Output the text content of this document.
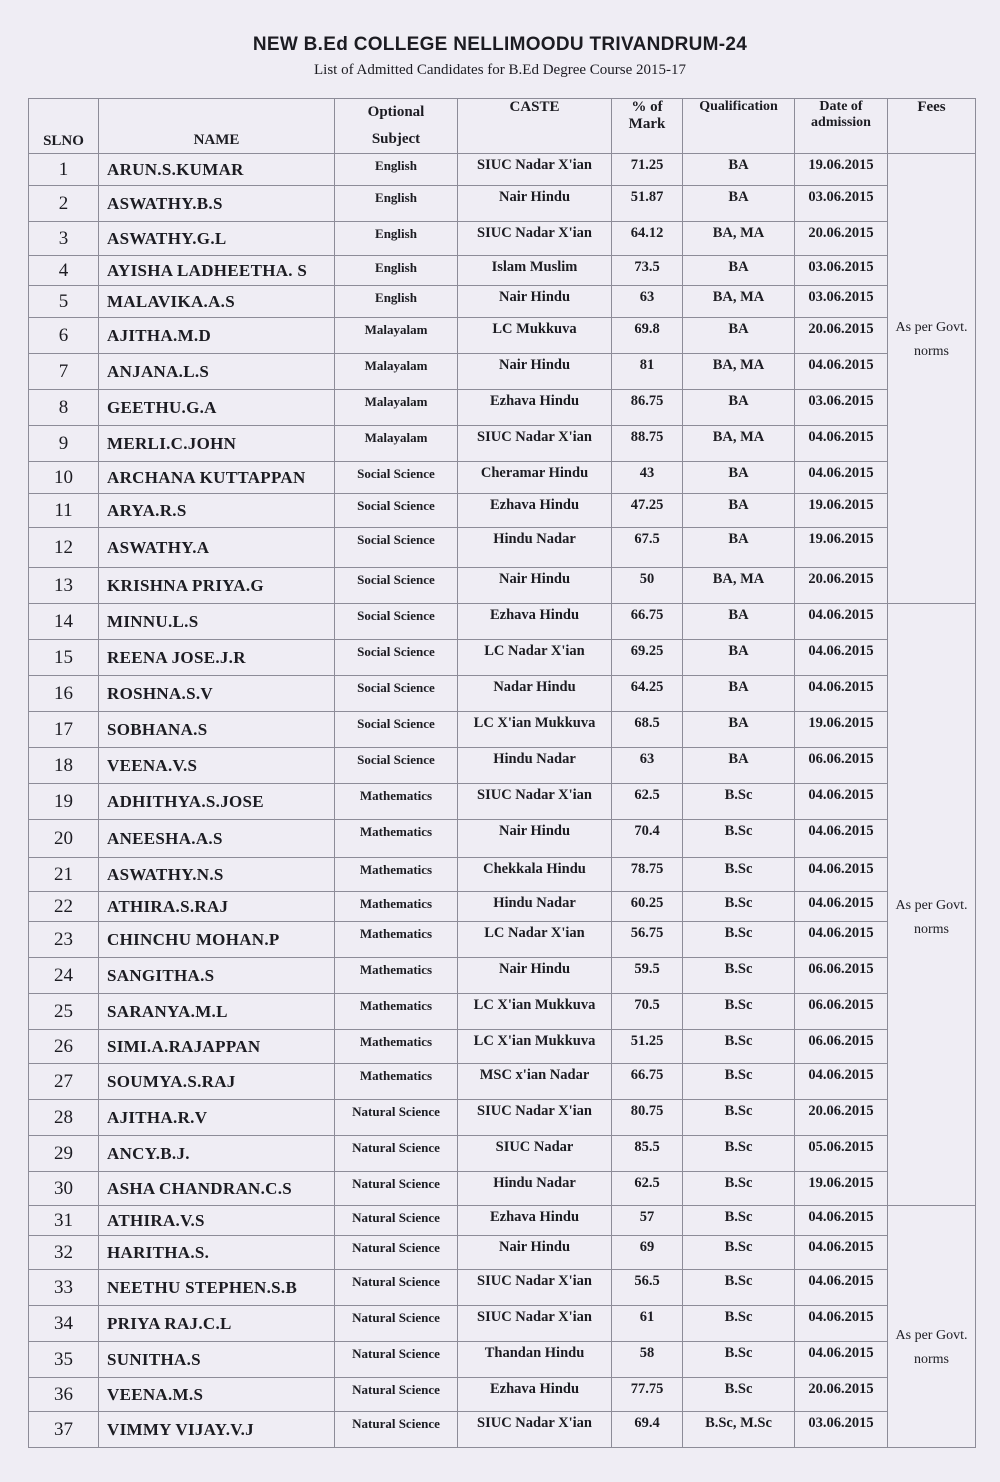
NEW B.Ed COLLEGE NELLIMOODU TRIVANDRUM-24
List of Admitted Candidates for B.Ed Degree Course 2015-17
SLNO	NAME	Optional Subject	CASTE	% of Mark	Qualification	Date of admission	Fees
1	ARUN.S.KUMAR	English	SIUC Nadar X'ian	71.25	BA	19.06.2015	As per Govt. norms

2	ASWATHY.B.S	English	Nair Hindu	51.87	BA	03.06.2015	
3	ASWATHY.G.L	English	SIUC Nadar X'ian	64.12	BA, MA	20.06.2015	
4	AYISHA LADHEETHA. S	English	Islam Muslim	73.5	BA	03.06.2015	
5	MALAVIKA.A.S	English	Nair Hindu	63	BA, MA	03.06.2015	
6	AJITHA.M.D	Malayalam	LC Mukkuva	69.8	BA	20.06.2015	
7	ANJANA.L.S	Malayalam	Nair Hindu	81	BA, MA	04.06.2015	
8	GEETHU.G.A	Malayalam	Ezhava Hindu	86.75	BA	03.06.2015	
9	MERLI.C.JOHN	Malayalam	SIUC Nadar X'ian	88.75	BA, MA	04.06.2015	
10	ARCHANA KUTTAPPAN	Social Science	Cheramar Hindu	43	BA	04.06.2015	
11	ARYA.R.S	Social Science	Ezhava Hindu	47.25	BA	19.06.2015	
12	ASWATHY.A	Social Science	Hindu Nadar	67.5	BA	19.06.2015	
13	KRISHNA PRIYA.G	Social Science	Nair Hindu	50	BA, MA	20.06.2015	
14	MINNU.L.S	Social Science	Ezhava Hindu	66.75	BA	04.06.2015	As per Govt. norms

15	REENA JOSE.J.R	Social Science	LC Nadar X'ian	69.25	BA	04.06.2015	
16	ROSHNA.S.V	Social Science	Nadar Hindu	64.25	BA	04.06.2015	
17	SOBHANA.S	Social Science	LC X'ian Mukkuva	68.5	BA	19.06.2015	
18	VEENA.V.S	Social Science	Hindu Nadar	63	BA	06.06.2015	
19	ADHITHYA.S.JOSE	Mathematics	SIUC Nadar X'ian	62.5	B.Sc	04.06.2015	
20	ANEESHA.A.S	Mathematics	Nair Hindu	70.4	B.Sc	04.06.2015	
21	ASWATHY.N.S	Mathematics	Chekkala Hindu	78.75	B.Sc	04.06.2015	
22	ATHIRA.S.RAJ	Mathematics	Hindu Nadar	60.25	B.Sc	04.06.2015	
23	CHINCHU MOHAN.P	Mathematics	LC Nadar X'ian	56.75	B.Sc	04.06.2015	
24	SANGITHA.S	Mathematics	Nair Hindu	59.5	B.Sc	06.06.2015	
25	SARANYA.M.L	Mathematics	LC X'ian Mukkuva	70.5	B.Sc	06.06.2015	
26	SIMI.A.RAJAPPAN	Mathematics	LC X'ian Mukkuva	51.25	B.Sc	06.06.2015	
27	SOUMYA.S.RAJ	Mathematics	MSC x'ian Nadar	66.75	B.Sc	04.06.2015	
28	AJITHA.R.V	Natural Science	SIUC Nadar X'ian	80.75	B.Sc	20.06.2015	
29	ANCY.B.J.	Natural Science	SIUC Nadar	85.5	B.Sc	05.06.2015	
30	ASHA CHANDRAN.C.S	Natural Science	Hindu Nadar	62.5	B.Sc	19.06.2015	
31	ATHIRA.V.S	Natural Science	Ezhava Hindu	57	B.Sc	04.06.2015	As per Govt. norms

32	HARITHA.S.	Natural Science	Nair Hindu	69	B.Sc	04.06.2015	
33	NEETHU STEPHEN.S.B	Natural Science	SIUC Nadar X'ian	56.5	B.Sc	04.06.2015	
34	PRIYA RAJ.C.L	Natural Science	SIUC Nadar X'ian	61	B.Sc	04.06.2015	
35	SUNITHA.S	Natural Science	Thandan Hindu	58	B.Sc	04.06.2015	
36	VEENA.M.S	Natural Science	Ezhava Hindu	77.75	B.Sc	20.06.2015	
37	VIMMY VIJAY.V.J	Natural Science	SIUC Nadar X'ian	69.4	B.Sc, M.Sc	03.06.2015	
